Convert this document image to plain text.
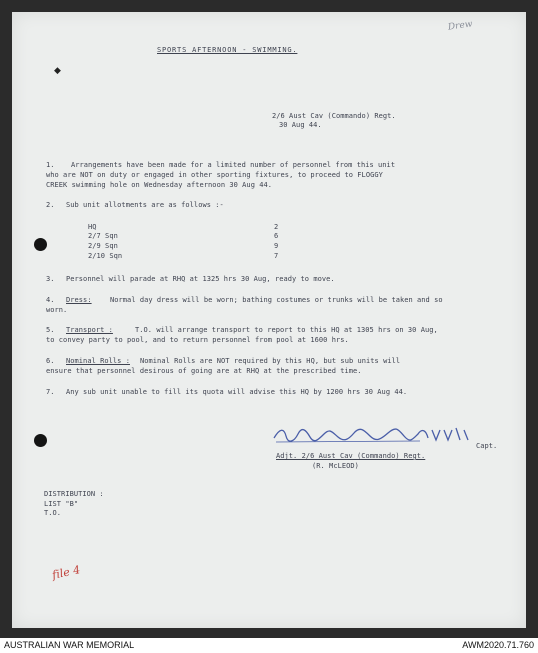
◆
Drew
SPORTS AFTERNOON - SWIMMING.
2/6 Aust Cav (Commando) Regt.
30 Aug 44.
1. Arrangements have been made for a limited number of personnel from this unit
who are NOT on duty or engaged in other sporting fixtures, to proceed to FLOGGY
CREEK swimming hole on Wednesday afternoon 30 Aug 44.
2. Sub unit allotments are as follows :-
HQ	2
2/7 Sqn	6
2/9 Sqn	9
2/10 Sqn	7
3. Personnel will parade at RHQ at 1325 hrs 30 Aug, ready to move.
4. Dress:	Normal day dress will be worn; bathing costumes or trunks will be taken and so
worn.
5. Transport :	T.O. will arrange transport to report to this HQ at 1305 hrs on 30 Aug,
to convey party to pool, and to return personnel from pool at 1600 hrs.
6. Nominal Rolls : Nominal Rolls are NOT required by this HQ, but sub units will
ensure that personnel desirous of going are at RHQ at the prescribed time.
7. Any sub unit unable to fill its quota will advise this HQ by 1200 hrs 30 Aug 44.
Capt.
Adjt. 2/6 Aust Cav (Commando) Regt.
(R. McLEOD)
DISTRIBUTION :
LIST "B"
T.O.
file 4
AUSTRALIAN WAR MEMORIAL	AWM2020.71.760
